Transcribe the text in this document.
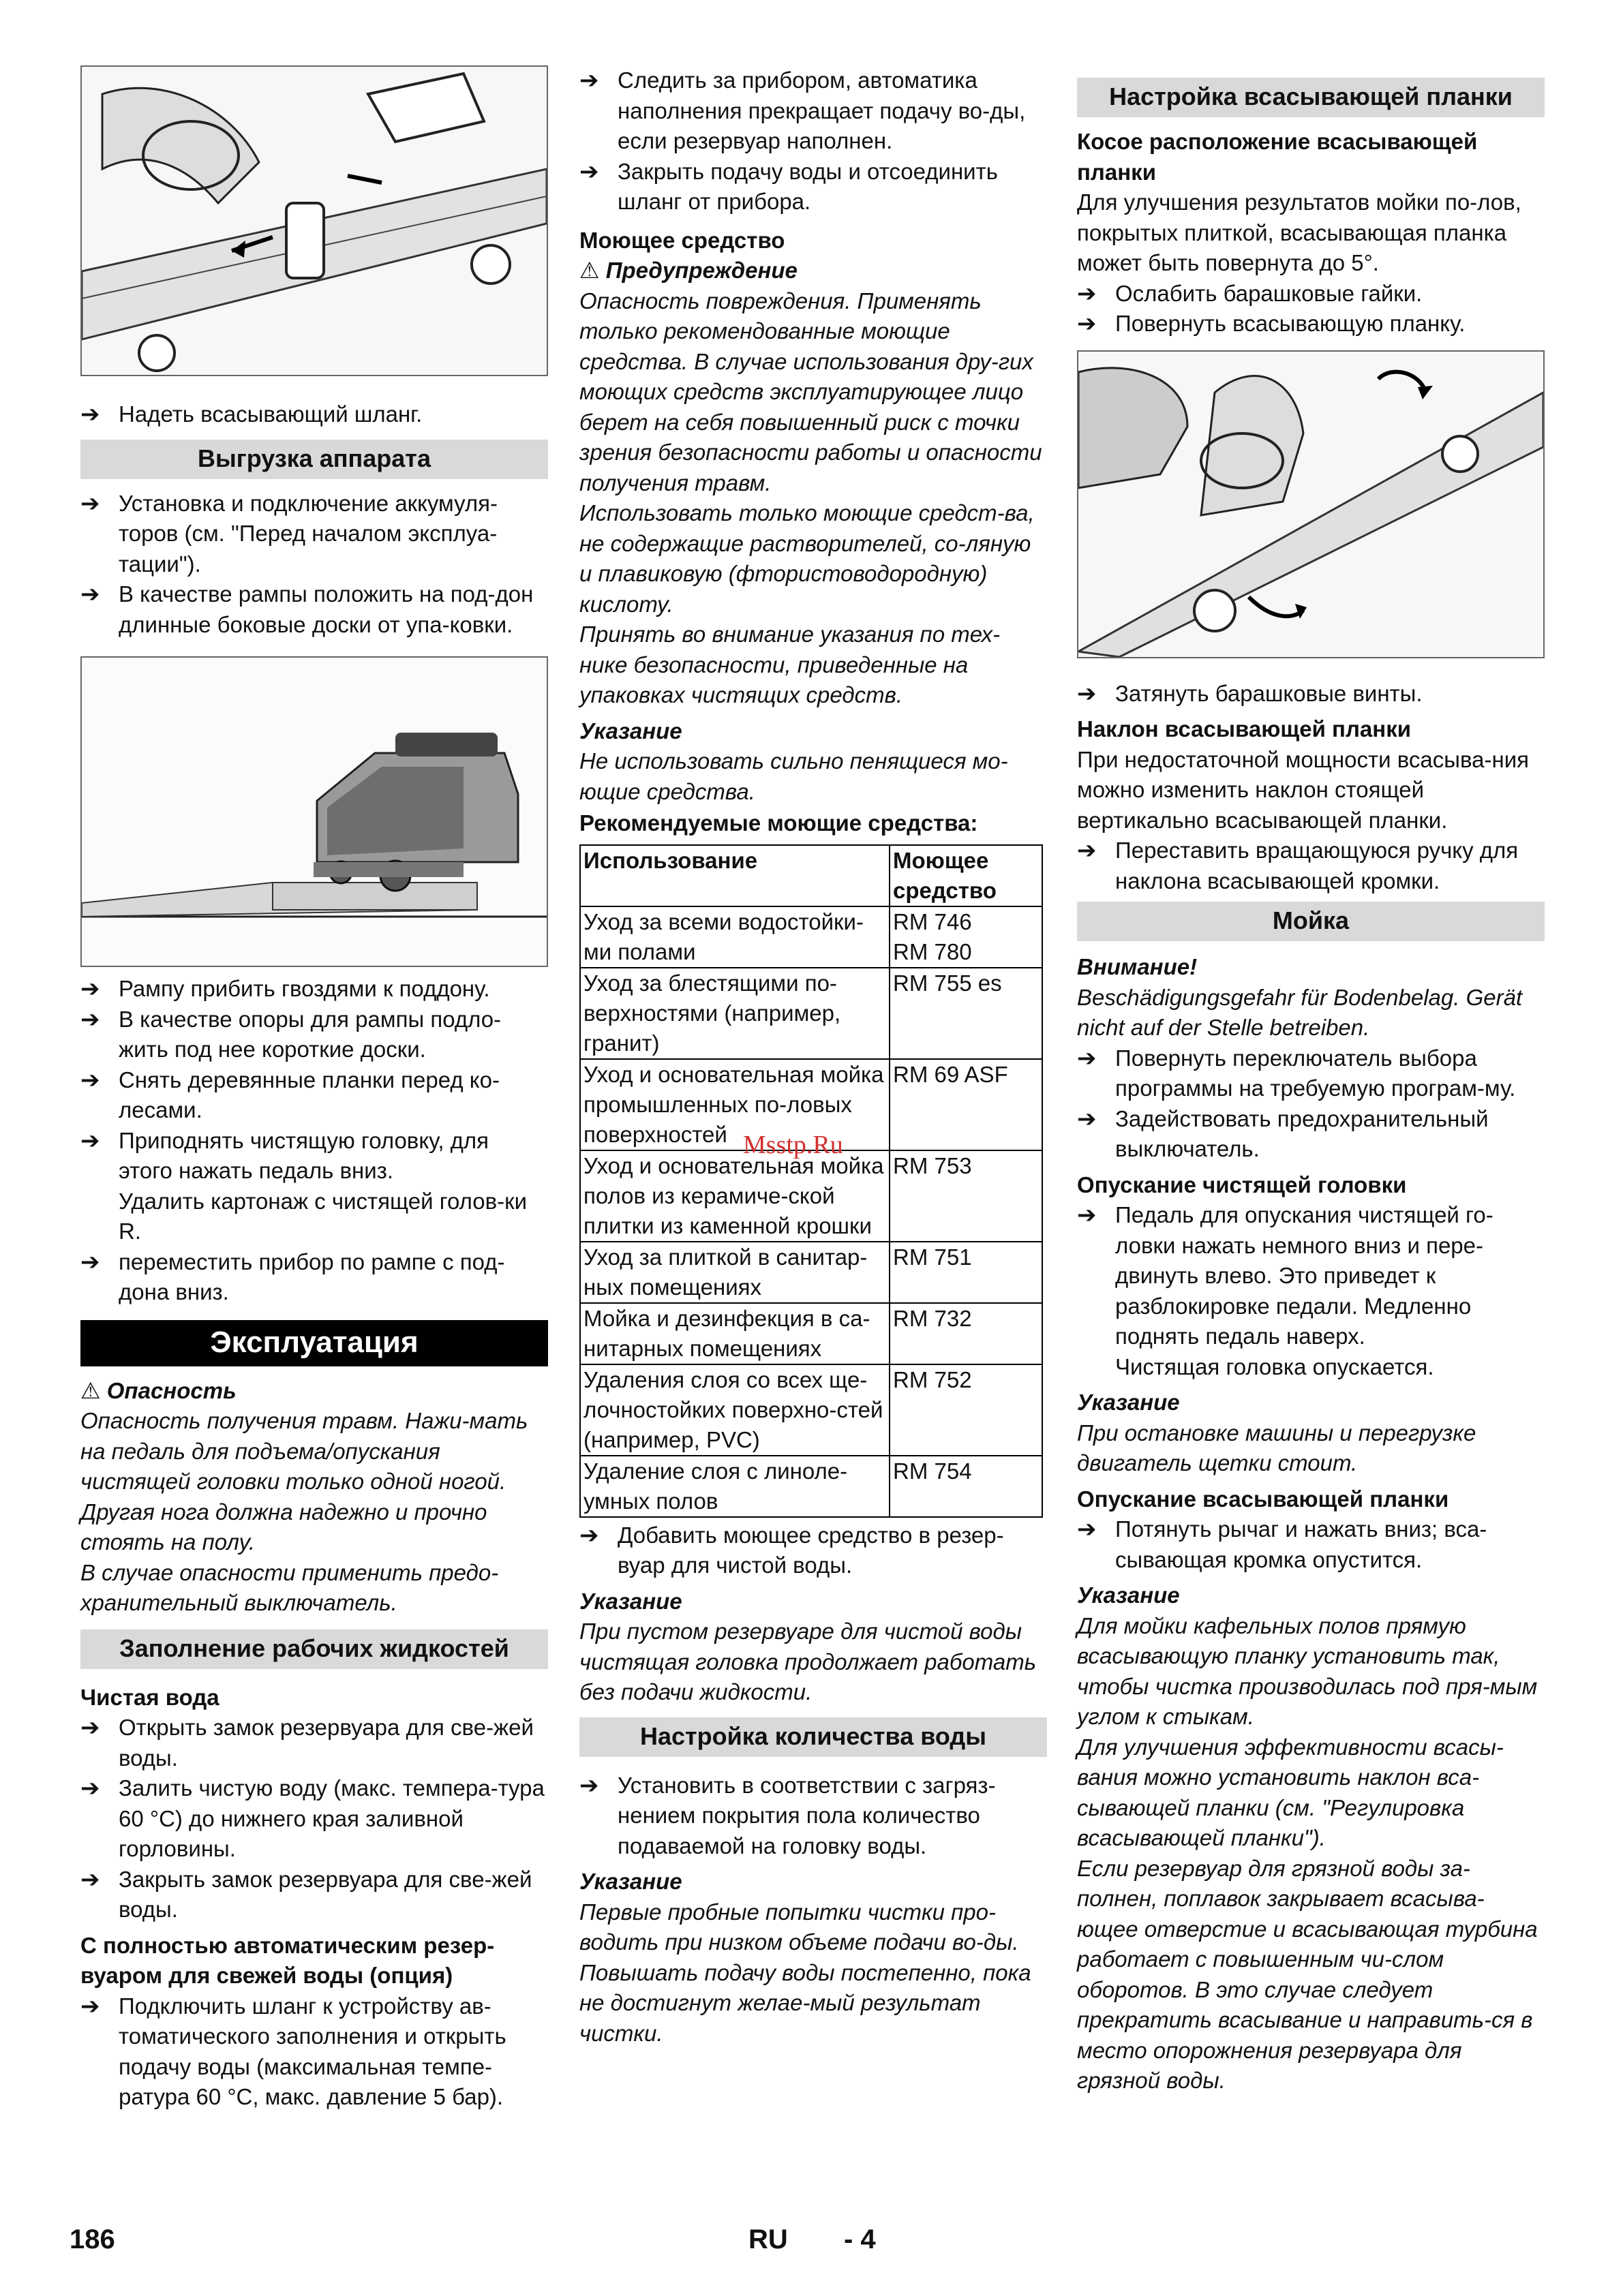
➔ Надеть всасывающий шланг.
Выгрузка аппарата
➔ Установка и подключение аккумуля-торов (см. "Перед началом эксплуа-тации").
➔ В качестве рампы положить на под-дон длинные боковые доски от упа-ковки.
➔ Рампу прибить гвоздями к поддону.
➔ В качестве опоры для рампы подло-жить под нее короткие доски.
➔ Снять деревянные планки перед ко-лесами.
➔ Приподнять чистящую головку, для этого нажать педаль вниз.
Удалить картонаж с чистящей голов-ки R.
➔ переместить прибор по рампе с под-дона вниз.
Эксплуатация
⚠ Опасность

Опасность получения травм. Нажи-мать на педаль для подъема/опускания чистящей головки только одной ногой. Другая нога должна надежно и прочно стоять на полу.

В случае опасности применить предо-хранительный выключатель.

Заполнение рабочих жидкостей
Чистая вода
➔ Открыть замок резервуара для све-жей воды.
➔ Залить чистую воду (макс. темпера-тура 60 °C) до нижнего края заливной горловины.
➔ Закрыть замок резервуара для све-жей воды.
С полностью автоматическим резер-вуаром для свежей воды (опция)
➔ Подключить шланг к устройству ав-томатического заполнения и открыть подачу воды (максимальная темпе-ратура 60 °C, макс. давление 5 бар).
➔ Следить за прибором, автоматика наполнения прекращает подачу во-ды, если резервуар наполнен.
➔ Закрыть подачу воды и отсоединить шланг от прибора.
Моющее средство
⚠ Предупреждение

Опасность повреждения. Применять только рекомендованные моющие средства. В случае использования дру-гих моющих средств эксплуатирующее лицо берет на себя повышенный риск с точки зрения безопасности работы и опасности получения травм.

Использовать только моющие средст-ва, не содержащие растворителей, со-ляную и плавиковую (фтористоводородную) кислоту.

Принять во внимание указания по тех-нике безопасности, приведенные на упаковках чистящих средств.

Указание

Не использовать сильно пенящиеся мо-ющие средства.

Рекомендуемые моющие средства:
Использование	Моющее средство
Уход за всеми водостойки-ми полами	RM 746
RM 780
Уход за блестящими по-верхностями (например, гранит)	RM 755 es
Уход и основательная мойка промышленных по-ловых поверхностей	RM 69 ASF
Уход и основательная мойка полов из керамиче-ской плитки из каменной крошки	RM 753
Уход за плиткой в санитар-ных помещениях	RM 751
Мойка и дезинфекция в са-нитарных помещениях	RM 732
Удаления слоя со всех ще-лочностойких поверхно-стей (например, PVC)	RM 752
Удаление слоя с линоле-умных полов	RM 754
➔ Добавить моющее средство в резер-вуар для чистой воды.
Указание

При пустом резервуаре для чистой воды чистящая головка продолжает работать без подачи жидкости.

Настройка количества воды
➔ Установить в соответствии с загряз-нением покрытия пола количество подаваемой на головку воды.
Указание

Первые пробные попытки чистки про-водить при низком объеме подачи во-ды. Повышать подачу воды постепенно, пока не достигнут желае-мый результат чистки.

Настройка всасывающей планки
Косое расположение всасывающей планки

Для улучшения результатов мойки по-лов, покрытых плиткой, всасывающая планка может быть повернута до 5°.

➔ Ослабить барашковые гайки.
➔ Повернуть всасывающую планку.
➔ Затянуть барашковые винты.
Наклон всасывающей планки

При недостаточной мощности всасыва-ния можно изменить наклон стоящей вертикально всасывающей планки.

➔ Переставить вращающуюся ручку для наклона всасывающей кромки.
Мойка
Внимание!

Beschädigungsgefahr für Bodenbelag. Gerät nicht auf der Stelle betreiben.

➔ Повернуть переключатель выбора программы на требуемую програм-му.
➔ Задействовать предохранительный выключатель.
Опускание чистящей головки
➔ Педаль для опускания чистящей го-ловки нажать немного вниз и пере-двинуть влево. Это приведет к разблокировке педали. Медленно поднять педаль наверх.
Чистящая головка опускается.
Указание

При остановке машины и перегрузке двигатель щетки стоит.

Опускание всасывающей планки
➔ Потянуть рычаг и нажать вниз; вса-сывающая кромка опустится.
Указание

Для мойки кафельных полов прямую всасывающую планку установить так, чтобы чистка производилась под пря-мым углом к стыкам.

Для улучшения эффективности всасы-вания можно установить наклон вса-сывающей планки (см. "Регулировка всасывающей планки").

Если резервуар для грязной воды за-полнен, поплавок закрывает всасыва-ющее отверстие и всасывающая турбина работает с повышенным чи-слом оборотов. В это случае следует прекратить всасывание и направить-ся в место опорожнения резервуара для грязной воды.

Msstp.Ru
186	RU - 4
